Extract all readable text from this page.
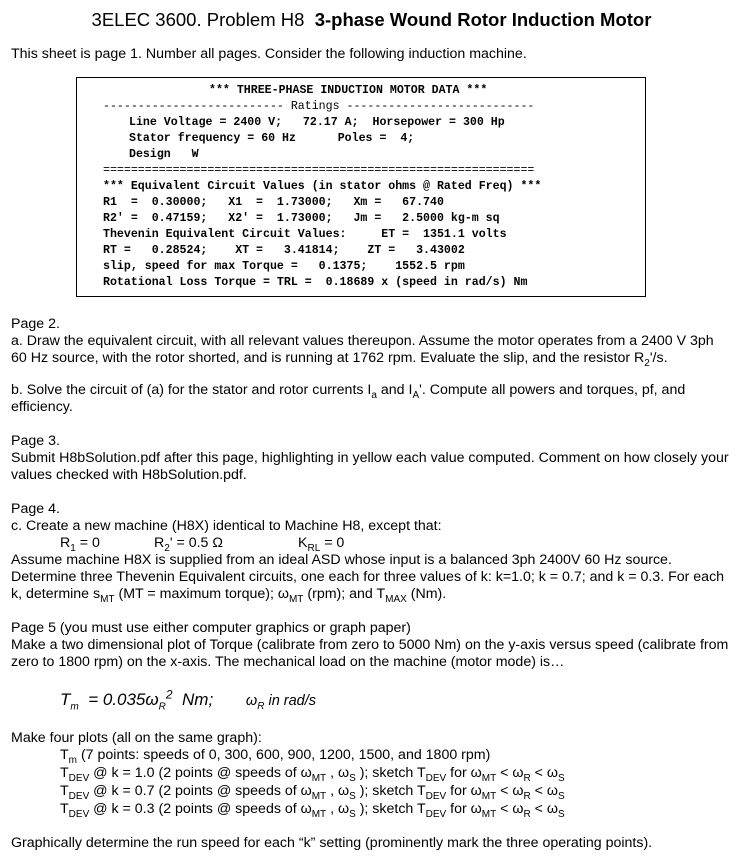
3ELEC 3600. Problem H8 3-phase Wound Rotor Induction Motor
This sheet is page 1. Number all pages. Consider the following induction machine.
*** THREE-PHASE INDUCTION MOTOR DATA ***
-------------------------- Ratings ---------------------------
Line Voltage = 2400 V;   72.17 A;  Horsepower = 300 Hp
Stator frequency = 60 Hz      Poles =  4;
Design   W
==============================================================
*** Equivalent Circuit Values (in stator ohms @ Rated Freq) ***
R1  =  0.30000;   X1  =  1.73000;   Xm =   67.740
R2' =  0.47159;   X2' =  1.73000;   Jm =   2.5000 kg-m sq
Thevenin Equivalent Circuit Values:     ET =  1351.1 volts
RT =   0.28524;    XT =   3.41814;    ZT =   3.43002
slip, speed for max Torque =   0.1375;    1552.5 rpm
Rotational Loss Torque = TRL =  0.18689 x (speed in rad/s) Nm
Page 2.
a. Draw the equivalent circuit, with all relevant values thereupon. Assume the motor operates from a 2400 V 3ph 60 Hz source, with the rotor shorted, and is running at 1762 rpm. Evaluate the slip, and the resistor $R_2'/s$.
b. Solve the circuit of (a) for the stator and rotor currents $I_a$ and $I_A'$. Compute all powers and torques, pf, and efficiency.
Page 3.
Submit H8bSolution.pdf after this page, highlighting in yellow each value computed. Comment on how closely your values checked with H8bSolution.pdf.
Page 4.
c. Create a new machine (H8X) identical to Machine H8, except that:
$R_1 = 0$	$R_2' = 0.5$ Ω	$K_{RL} = 0$
Assume machine H8X is supplied from an ideal ASD whose input is a balanced 3ph 2400V 60 Hz source. Determine three Thevenin Equivalent circuits, one each for three values of k: k=1.0; k = 0.7; and k = 0.3. For each k, determine $s_{MT}$ (MT = maximum torque); $\omega_{MT}$ (rpm); and $T_{MAX}$ (Nm).
Page 5 (you must use either computer graphics or graph paper)
Make a two dimensional plot of Torque (calibrate from zero to 5000 Nm) on the y-axis versus speed (calibrate from zero to 1800 rpm) on the x-axis. The mechanical load on the machine (motor mode) is…
$T_m = 0.035\omega_R^2$ Nm; $\omega_R$ in rad/s
Make four plots (all on the same graph):
$T_m$ (7 points: speeds of 0, 300, 600, 900, 1200, 1500, and 1800 rpm)
$T_{DEV}$ @ k = 1.0 (2 points @ speeds of $\omega_{MT}$ , $\omega_S$ ); sketch $T_{DEV}$ for $\omega_{MT} < \omega_R < \omega_S$
$T_{DEV}$ @ k = 0.7 (2 points @ speeds of $\omega_{MT}$ , $\omega_S$ ); sketch $T_{DEV}$ for $\omega_{MT} < \omega_R < \omega_S$
$T_{DEV}$ @ k = 0.3 (2 points @ speeds of $\omega_{MT}$ , $\omega_S$ ); sketch $T_{DEV}$ for $\omega_{MT} < \omega_R < \omega_S$
Graphically determine the run speed for each “k” setting (prominently mark the three operating points).
